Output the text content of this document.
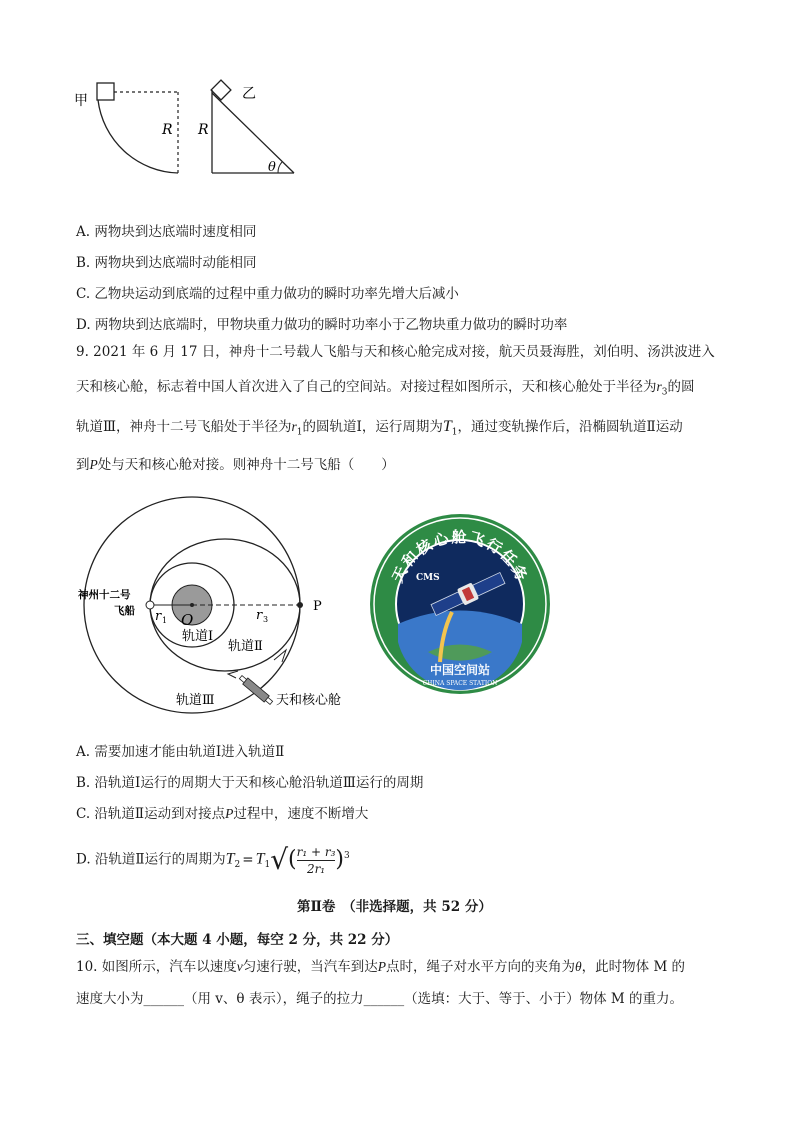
甲
R
乙
R
θ
A. 两物块到达底端时速度相同
B. 两物块到达底端时动能相同
C. 乙物块运动到底端的过程中重力做功的瞬时功率先增大后减小
D. 两物块到达底端时，甲物块重力做功的瞬时功率小于乙物块重力做功的瞬时功率
9. 2021 年 6 月 17 日，神舟十二号载人飞船与天和核心舱完成对接，航天员聂海胜，刘伯明、汤洪波进入
天和核心舱，标志着中国人首次进入了自己的空间站。对接过程如图所示，天和核心舱处于半径为$r_3$的圆
轨道Ⅲ，神舟十二号飞船处于半径为$r_1$的圆轨道Ⅰ，运行周期为$T_1$，通过变轨操作后，沿椭圆轨道Ⅱ运动
到P处与天和核心舱对接。则神舟十二号飞船（　　）
神州十二号
飞船 r 1 O	r 3
P
轨道Ⅰ
轨道Ⅱ
轨道Ⅲ	天和核心舱
CMS
天和核心舱飞行任务
中国空间站
CHINA SPACE STATION
A. 需要加速才能由轨道Ⅰ进入轨道Ⅱ
B. 沿轨道Ⅰ运行的周期大于天和核心舱沿轨道Ⅲ运行的周期
C. 沿轨道Ⅱ运动到对接点P过程中，速度不断增大
D. 沿轨道Ⅱ运行的周期为$T_2 = T_1√( \frac{\text{r₁ + r₃}}{\text{2r₁}} )^3$
第Ⅱ卷　（非选择题，共 52 分）
三、填空题（本大题 4 小题，每空 2 分，共 22 分）
10. 如图所示，汽车以速度v匀速行驶，当汽车到达P点时，绳子对水平方向的夹角为θ，此时物体 M 的
速度大小为______（用 v、θ 表示），绳子的拉力______（选填：大于、等于、小于）物体 M 的重力。
